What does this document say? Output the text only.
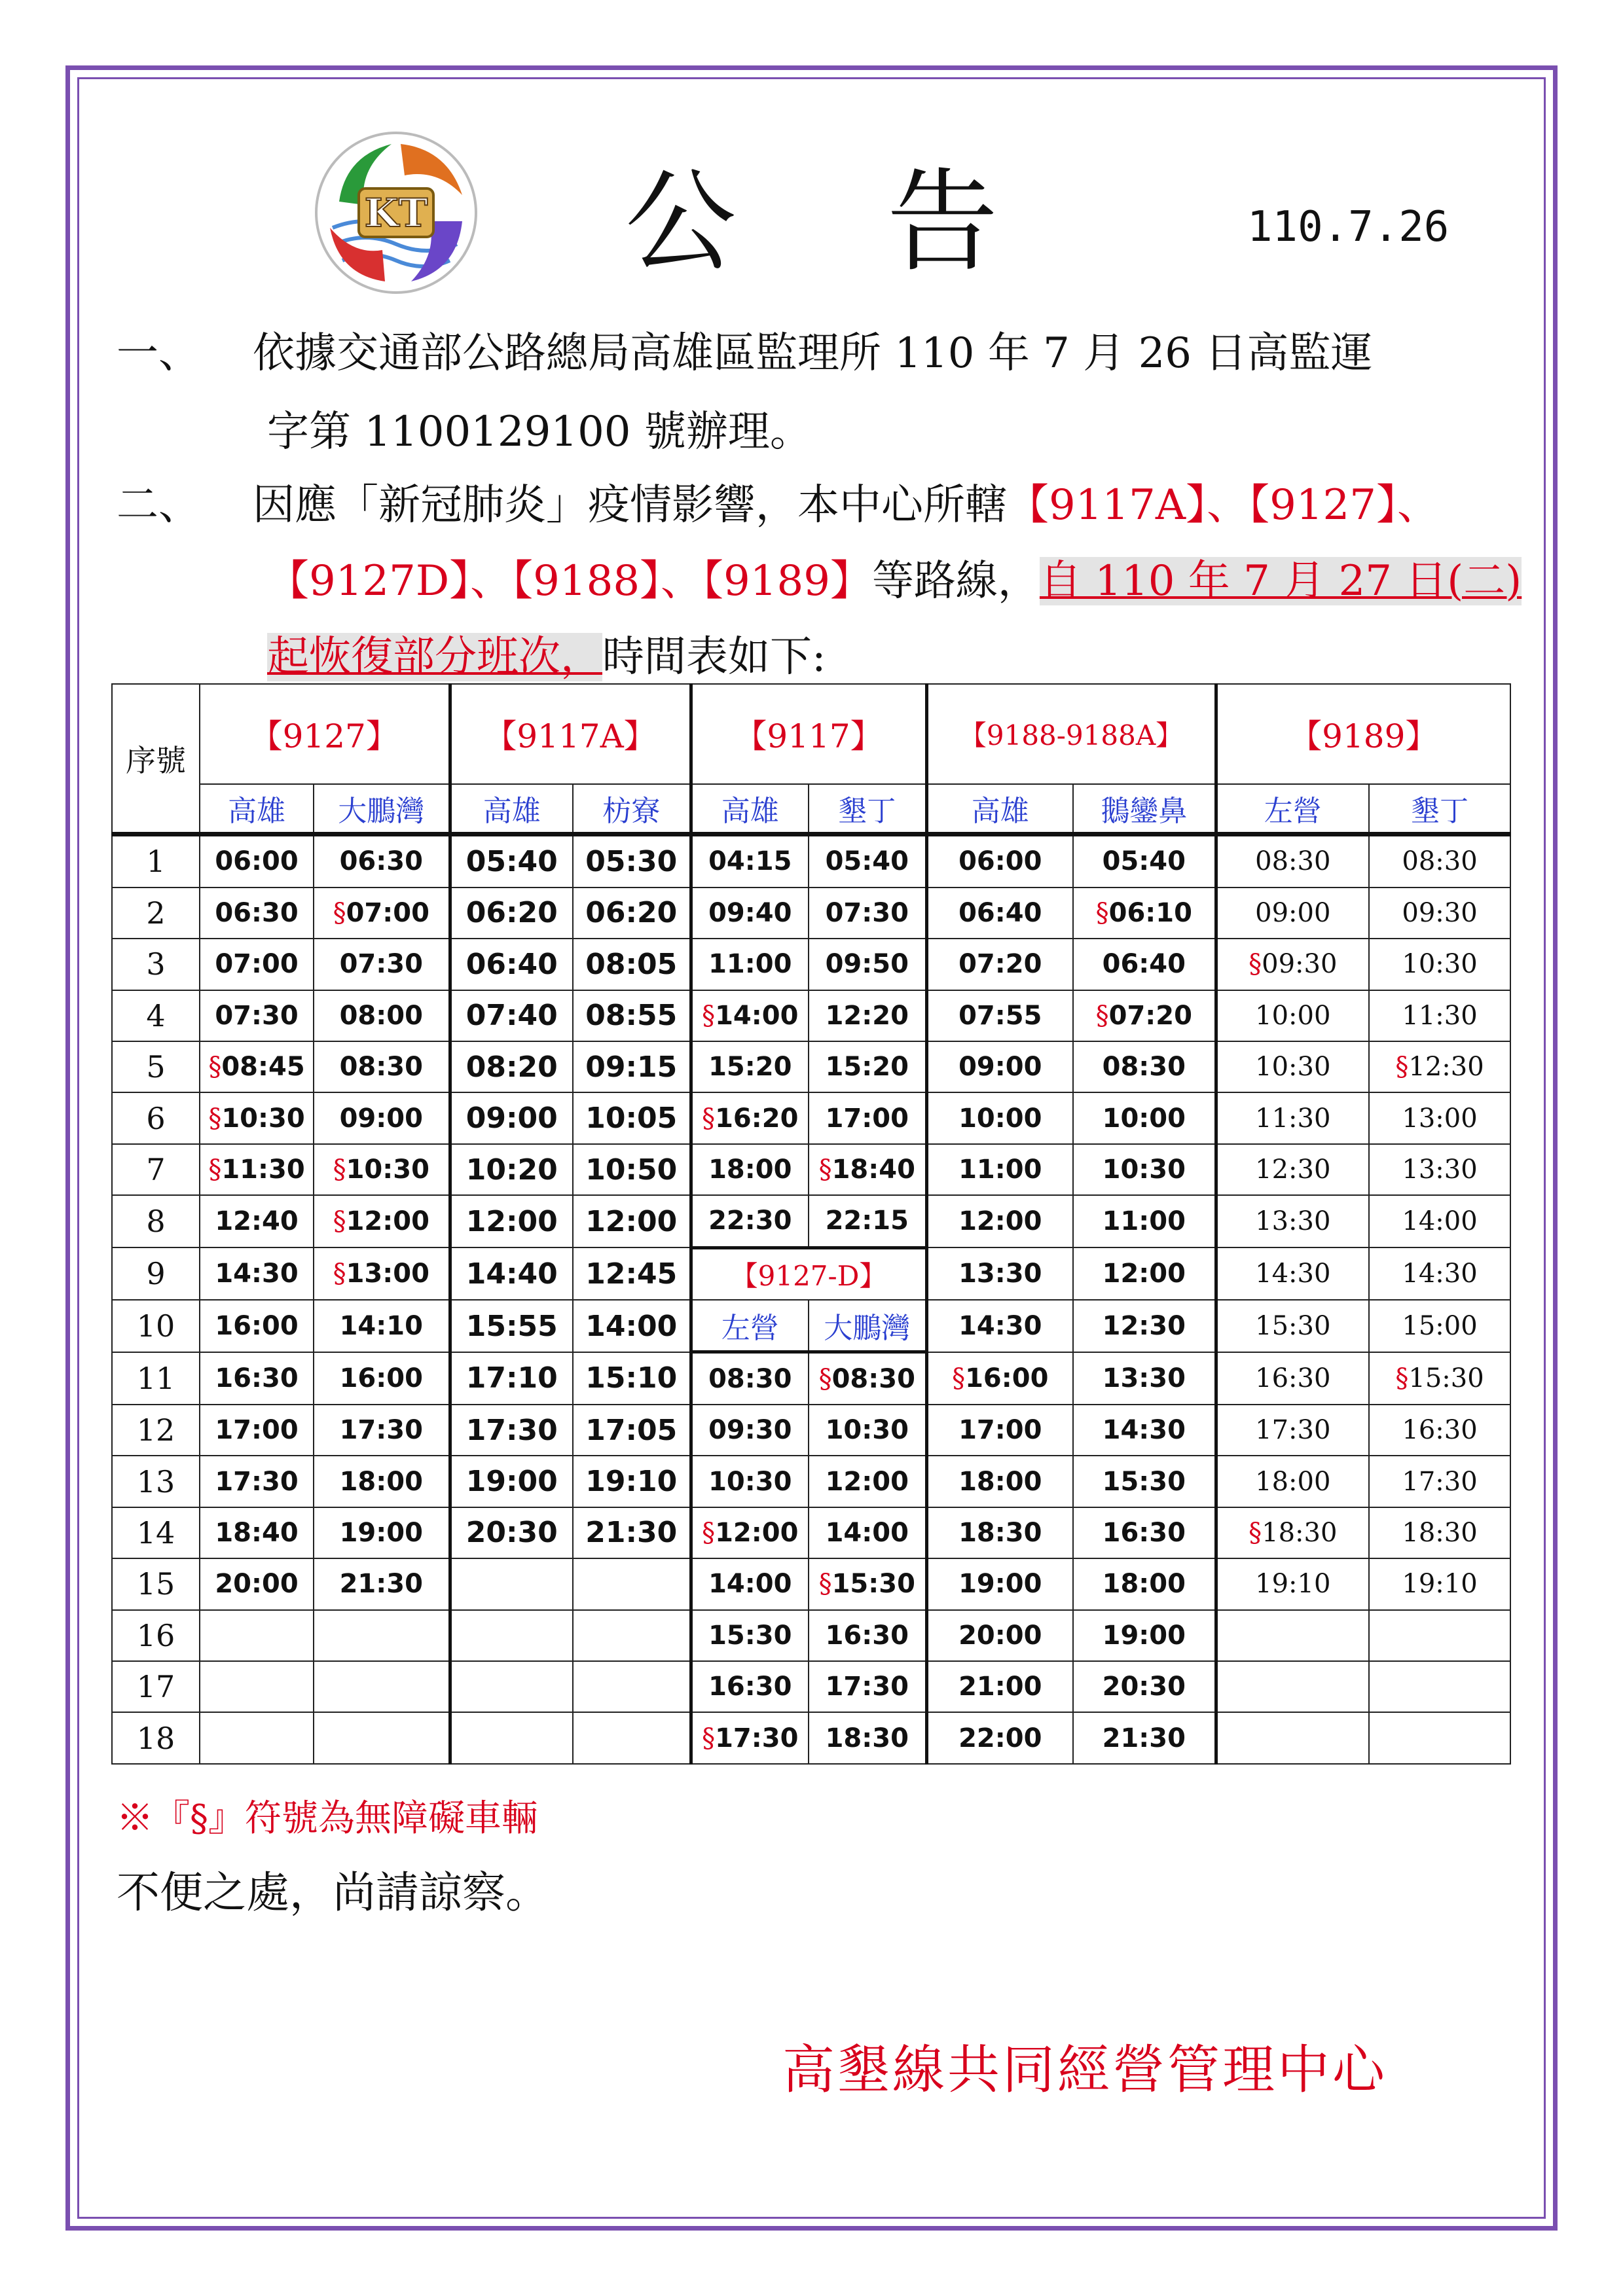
KT	公告	110.7.26
一、 依據交通部公路總局高雄區監理所 110 年 7 月 26 日高監運
字第 1100129100 號辦理。
二、 因應「新冠肺炎」疫情影響，本中心所轄【9117A】、【9127】、
【9127D】、【9188】、【9189】等路線，自 110 年 7 月 27 日(二)
起恢復部分班次，時間表如下:
序號	【9127】		【9117A】		【9117】		【9188-9188A】		【9189】	
	高雄	大鵬灣	高雄	枋寮	高雄	墾丁	高雄	鵝鑾鼻	左營	墾丁
1	06:00	06:30	05:40	05:30	04:15	05:40	06:00	05:40	08:30	08:30
2	06:30	§07:00	06:20	06:20	09:40	07:30	06:40	§06:10	09:00	09:30
3	07:00	07:30	06:40	08:05	11:00	09:50	07:20	06:40	§09:30	10:30
4	07:30	08:00	07:40	08:55	§14:00	12:20	07:55	§07:20	10:00	11:30
5	§08:45	08:30	08:20	09:15	15:20	15:20	09:00	08:30	10:30	§12:30
6	§10:30	09:00	09:00	10:05	§16:20	17:00	10:00	10:00	11:30	13:00
7	§11:30	§10:30	10:20	10:50	18:00	§18:40	11:00	10:30	12:30	13:30
8	12:40	§12:00	12:00	12:00	22:30	22:15	12:00	11:00	13:30	14:00
9	14:30	§13:00	14:40	12:45	【9127-D】		13:30	12:00	14:30	14:30
10	16:00	14:10	15:55	14:00	左營	大鵬灣	14:30	12:30	15:30	15:00
11	16:30	16:00	17:10	15:10	08:30	§08:30	§16:00	13:30	16:30	§15:30
12	17:00	17:30	17:30	17:05	09:30	10:30	17:00	14:30	17:30	16:30
13	17:30	18:00	19:00	19:10	10:30	12:00	18:00	15:30	18:00	17:30
14	18:40	19:00	20:30	21:30	§12:00	14:00	18:30	16:30	§18:30	18:30
15	20:00	21:30			14:00	§15:30	19:00	18:00	19:10	19:10
16					15:30	16:30	20:00	19:00		
17					16:30	17:30	21:00	20:30		
18					§17:30	18:30	22:00	21:30		
※『§』符號為無障礙車輛
不便之處，尚請諒察。
高墾線共同經營管理中心
